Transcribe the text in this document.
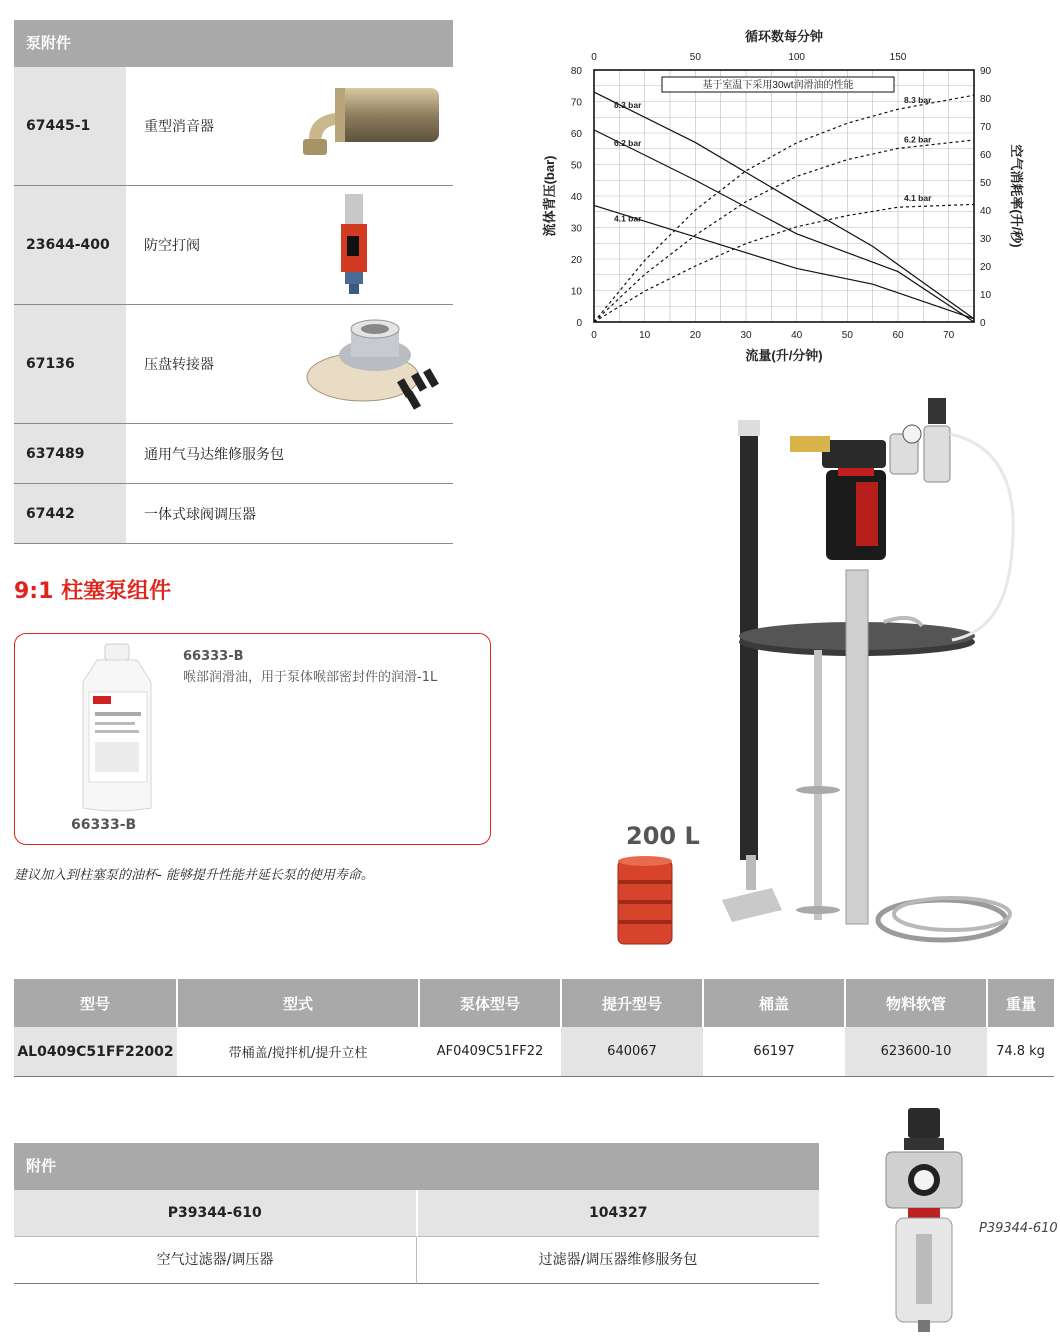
泵附件
67445-1	重型消音器
23644-400	防空打阀
67136	压盘转接器
637489	通用气马达维修服务包
67442	一体式球阀调压器
9:1 柱塞泵组件
66333-B
喉部润滑油，用于泵体喉部密封件的润滑-1L
66333-B
建议加入到柱塞泵的油杯- 能够提升性能并延长泵的使用寿命。
0	10	20	30	40	50	60	70
0
10
20
30
40
50
60
70
80
0
10
20
30
40
50
60
70
80
90
0	50	100	150
循环数每分钟
流量(升/分钟)
流体背压(bar)	空气消耗率(升/秒)
基于室温下采用30wt润滑油的性能
8.3 bar
6.2 bar
4.1 bar
8.3 bar
6.2 bar
4.1 bar
200 L
型号	型式	泵体型号	提升型号	桶盖	物料软管	重量
AL0409C51FF22002	带桶盖/搅拌机/提升立柱	AF0409C51FF22	640067	66197	623600-10	74.8 kg
附件
P39344-610	104327
空气过滤器/调压器	过滤器/调压器维修服务包
P39344-610
